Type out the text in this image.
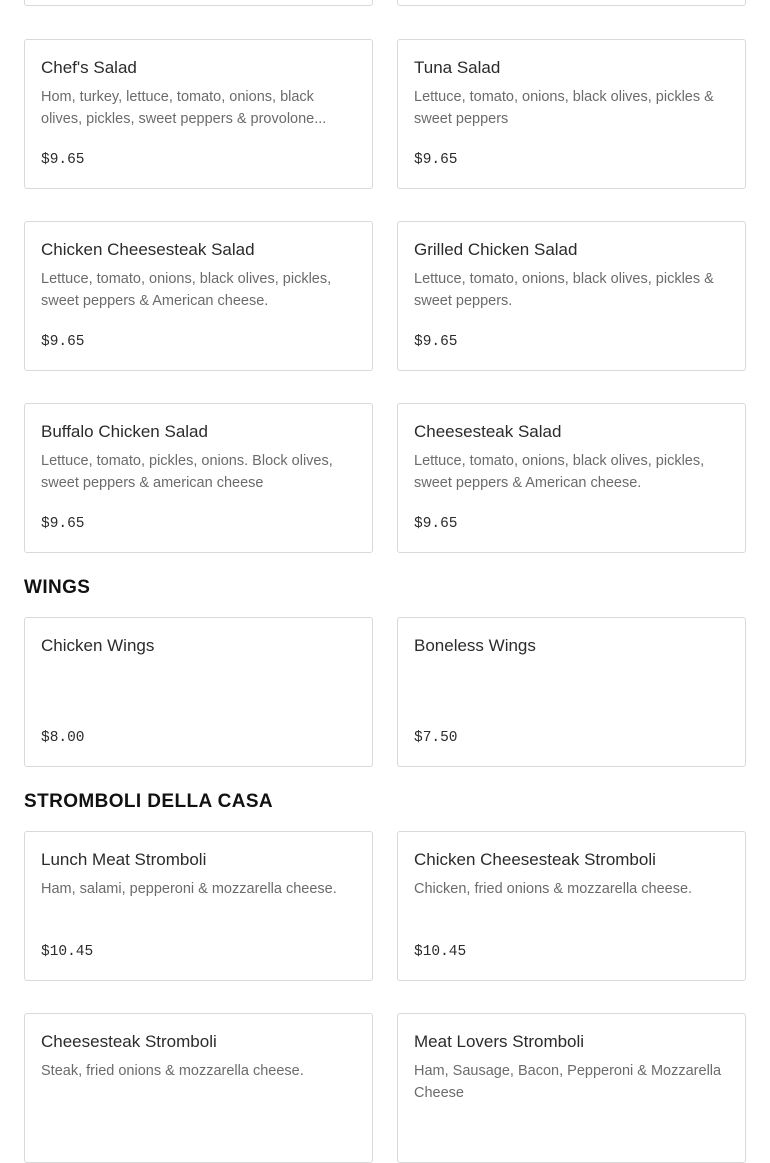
Chef's Salad
Hom, turkey, lettuce, tomato, onions, black olives, pickles, sweet peppers & provolone...
$9.65
Tuna Salad
Lettuce, tomato, onions, black olives, pickles & sweet peppers
$9.65
Chicken Cheesesteak Salad
Lettuce, tomato, onions, black olives, pickles, sweet peppers & American cheese.
$9.65
Grilled Chicken Salad
Lettuce, tomato, onions, black olives, pickles & sweet peppers.
$9.65
Buffalo Chicken Salad
Lettuce, tomato, pickles, onions. Block olives, sweet peppers & american cheese
$9.65
Cheesesteak Salad
Lettuce, tomato, onions, black olives, pickles, sweet peppers & American cheese.
$9.65
WINGS
Chicken Wings
$8.00
Boneless Wings
$7.50
STROMBOLI DELLA CASA
Lunch Meat Stromboli
Ham, salami, pepperoni & mozzarella cheese.
$10.45
Chicken Cheesesteak Stromboli
Chicken, fried onions & mozzarella cheese.
$10.45
Cheesesteak Stromboli
Steak, fried onions & mozzarella cheese.
Meat Lovers Stromboli
Ham, Sausage, Bacon, Pepperoni & Mozzarella Cheese
